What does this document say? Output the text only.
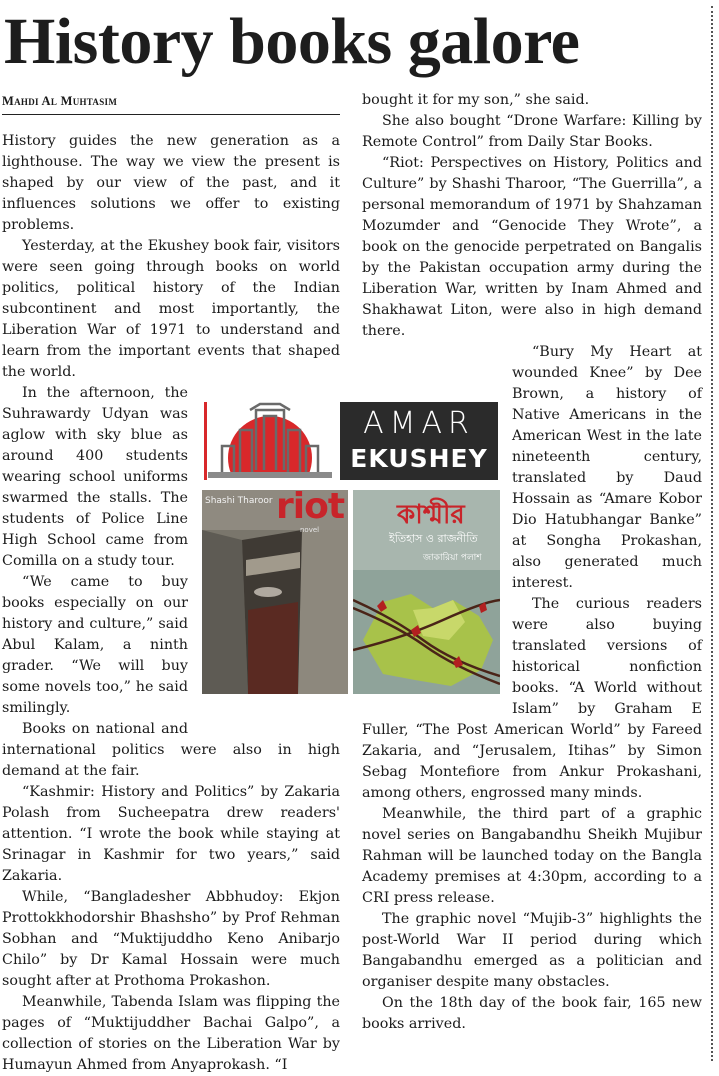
History books galore
Mahdi Al Muhtasim

History guides the new generation as a lighthouse. The way we view the present is shaped by our view of the past, and it influences solutions we offer to existing problems.

Yesterday, at the Ekushey book fair, visitors were seen going through books on world politics, political history of the Indian subcontinent and most importantly, the Liberation War of 1971 to understand and learn from the important events that shaped the world.

In the afternoon, the Suhrawardy Udyan was aglow with sky blue as around 400 students wearing school uniforms swarmed the stalls. The students of Police Line High School came from Comilla on a study tour.

“We came to buy books especially on our history and culture,” said Abul Kalam, a ninth grader. “We will buy some novels too,” he said smilingly.

Books on national and international politics were also in high demand at the fair.

“Kashmir: History and Politics” by Zakaria Polash from Sucheepatra drew readers' attention. “I wrote the book while staying at Srinagar in Kashmir for two years,” said Zakaria.

While, “Bangladesher Abbhudoy: Ekjon Prottokkhodorshir Bhashsho” by Prof Rehman Sobhan and “Muktijuddho Keno Anibarjo Chilo” by Dr Kamal Hossain were much sought after at Prothoma Prokashon.

Meanwhile, Tabenda Islam was flipping the pages of “Muktijuddher Bachai Galpo”, a collection of stories on the Liberation War by Humayun Ahmed from Anyaprokash. “I

bought it for my son,” she said.

She also bought “Drone Warfare: Killing by Remote Control” from Daily Star Books.

“Riot: Perspectives on History, Politics and Culture” by Shashi Tharoor, “The Guerrilla”, a personal memorandum of 1971 by Shahzaman Mozumder and “Genocide They Wrote”, a book on the genocide perpetrated on Bangalis by the Pakistan occupation army during the Liberation War, written by Inam Ahmed and Shakhawat Liton, were also in high demand there.

“Bury My Heart at wounded Knee” by Dee Brown, a history of Native Americans in the American West in the late nineteenth century, translated by Daud Hossain as “Amare Kobor Dio Hatubhangar Banke” at Songha Prokashan, also generated much interest.

The curious readers were also buying translated versions of historical nonfiction books. “A World without Islam” by Graham E Fuller, “The Post American World” by Fareed Zakaria, and “Jerusalem, Itihas” by Simon Sebag Montefiore from Ankur Prokashani, among others, engrossed many minds.

Meanwhile, the third part of a graphic novel series on Bangabandhu Sheikh Mujibur Rahman will be launched today on the Bangla Academy premises at 4:30pm, according to a CRI press release.

The graphic novel “Mujib-3” highlights the post-World War II period during which Bangabandhu emerged as a politician and organiser despite many obstacles.

On the 18th day of the book fair, 165 new books arrived.

AMAR
EKUSHEY
Shashi Tharoor riot
novel	কাশ্মীর
ইতিহাস ও রাজনীতি
জাকারিয়া পলাশ
